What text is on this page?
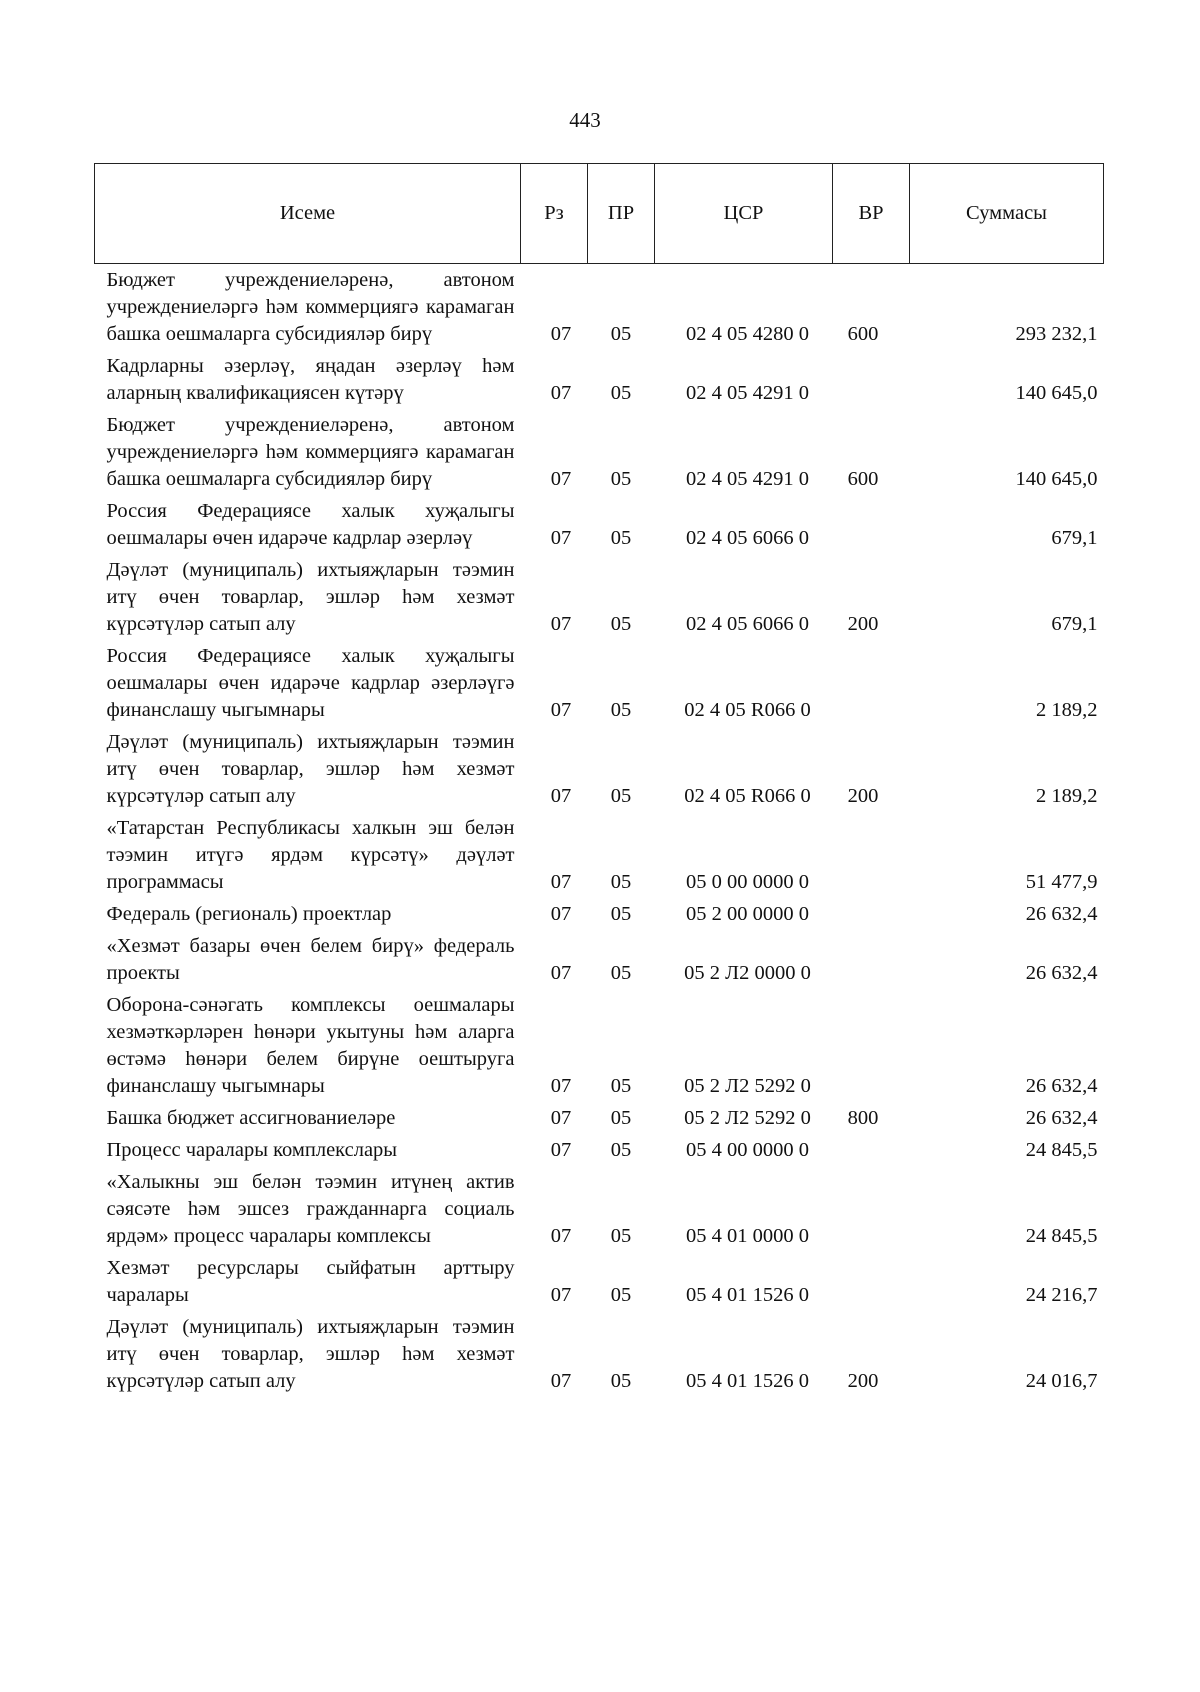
443
Исеме	Рз	ПР	ЦСР	ВР	Суммасы
Бюджет учреждениеләренә, автоном учреждениеләргә һәм коммерциягә карамаган башка оешмаларга субсидияләр бирү	07	05	02 4 05 4280 0	600	293 232,1
Кадрларны әзерләү, яңадан әзерләү һәм аларның квалификациясен күтәрү	07	05	02 4 05 4291 0		140 645,0
Бюджет учреждениеләренә, автоном учреждениеләргә һәм коммерциягә карамаган башка оешмаларга субсидияләр бирү	07	05	02 4 05 4291 0	600	140 645,0
Россия Федерациясе халык хуҗалыгы оешмалары өчен идарәче кадрлар әзерләү	07	05	02 4 05 6066 0		679,1
Дәүләт (муниципаль) ихтыяҗларын тәэмин итү өчен товарлар, эшләр һәм хезмәт күрсәтүләр сатып алу	07	05	02 4 05 6066 0	200	679,1
Россия Федерациясе халык хуҗалыгы оешмалары өчен идарәче кадрлар әзерләүгә финанслашу чыгымнары	07	05	02 4 05 R066 0		2 189,2
Дәүләт (муниципаль) ихтыяҗларын тәэмин итү өчен товарлар, эшләр һәм хезмәт күрсәтүләр сатып алу	07	05	02 4 05 R066 0	200	2 189,2
«Татарстан Республикасы халкын эш белән тәэмин итүгә ярдәм күрсәтү» дәүләт программасы	07	05	05 0 00 0000 0		51 477,9
Федераль (региональ) проектлар	07	05	05 2 00 0000 0		26 632,4
«Хезмәт базары өчен белем бирү» федераль проекты	07	05	05 2 Л2 0000 0		26 632,4
Оборона-сәнәгать комплексы оешмалары хезмәткәрләрен һөнәри укытуны һәм аларга өстәмә һөнәри белем бирүне оештыруга финанслашу чыгымнары	07	05	05 2 Л2 5292 0		26 632,4
Башка бюджет ассигнованиеләре	07	05	05 2 Л2 5292 0	800	26 632,4
Процесс чаралары комплекслары	07	05	05 4 00 0000 0		24 845,5
«Халыкны эш белән тәэмин итүнең актив сәясәте һәм эшсез гражданнарга социаль ярдәм» процесс чаралары комплексы	07	05	05 4 01 0000 0		24 845,5
Хезмәт ресурслары сыйфатын арттыру чаралары	07	05	05 4 01 1526 0		24 216,7
Дәүләт (муниципаль) ихтыяҗларын тәэмин итү өчен товарлар, эшләр һәм хезмәт күрсәтүләр сатып алу	07	05	05 4 01 1526 0	200	24 016,7
